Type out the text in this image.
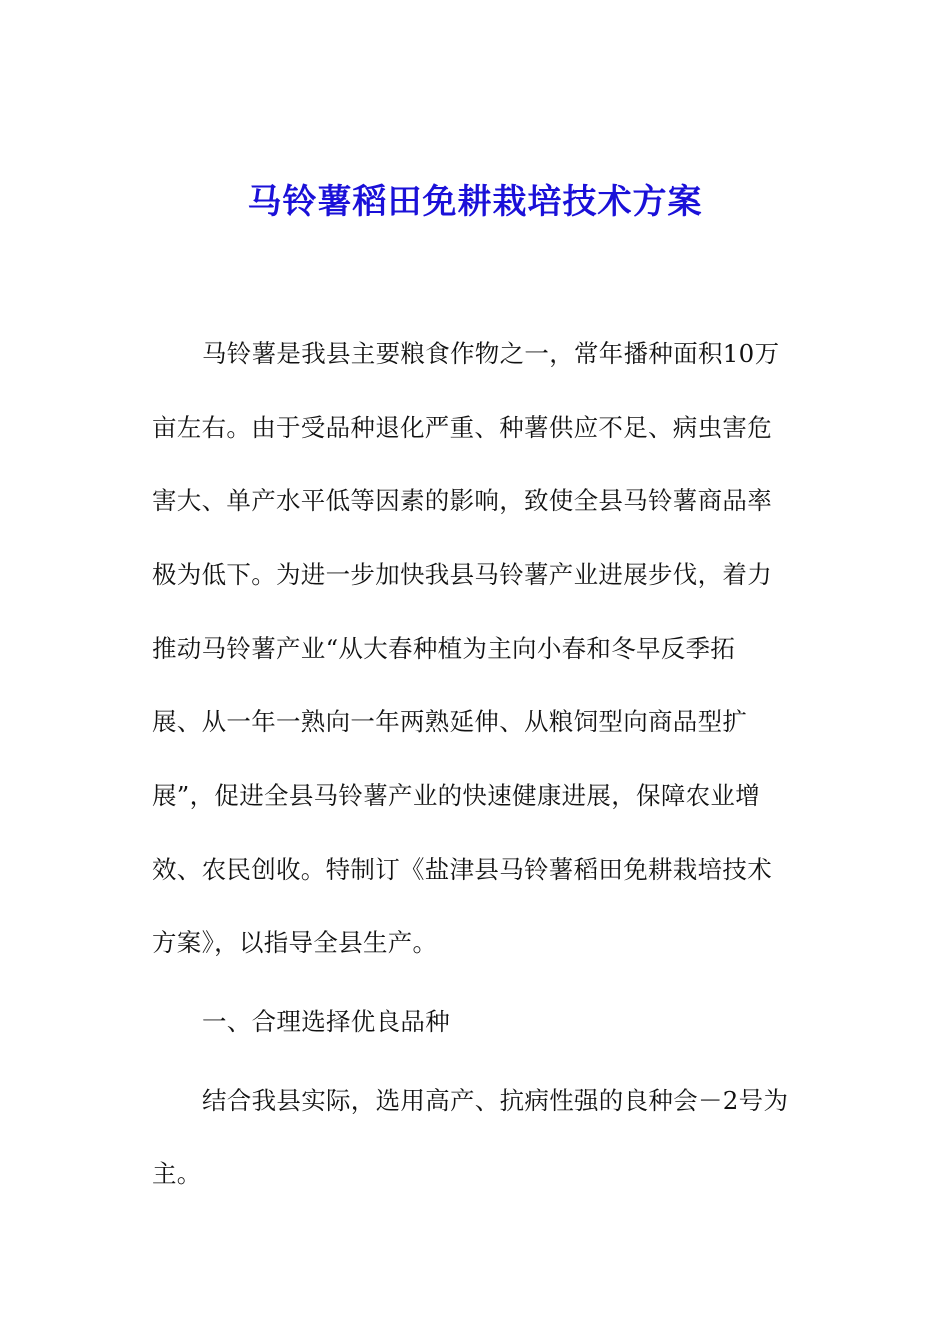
马铃薯稻田免耕栽培技术方案
马铃薯是我县主要粮食作物之一，常年播种面积10万
亩左右。由于受品种退化严重、种薯供应不足、病虫害危
害大、单产水平低等因素的影响，致使全县马铃薯商品率
极为低下。为进一步加快我县马铃薯产业进展步伐，着力
推动马铃薯产业“从大春种植为主向小春和冬早反季拓
展、从一年一熟向一年两熟延伸、从粮饲型向商品型扩
展”，促进全县马铃薯产业的快速健康进展，保障农业增
效、农民创收。特制订《盐津县马铃薯稻田免耕栽培技术
方案》，以指导全县生产。
一、合理选择优良品种
结合我县实际，选用高产、抗病性强的良种会－2号为
主。
